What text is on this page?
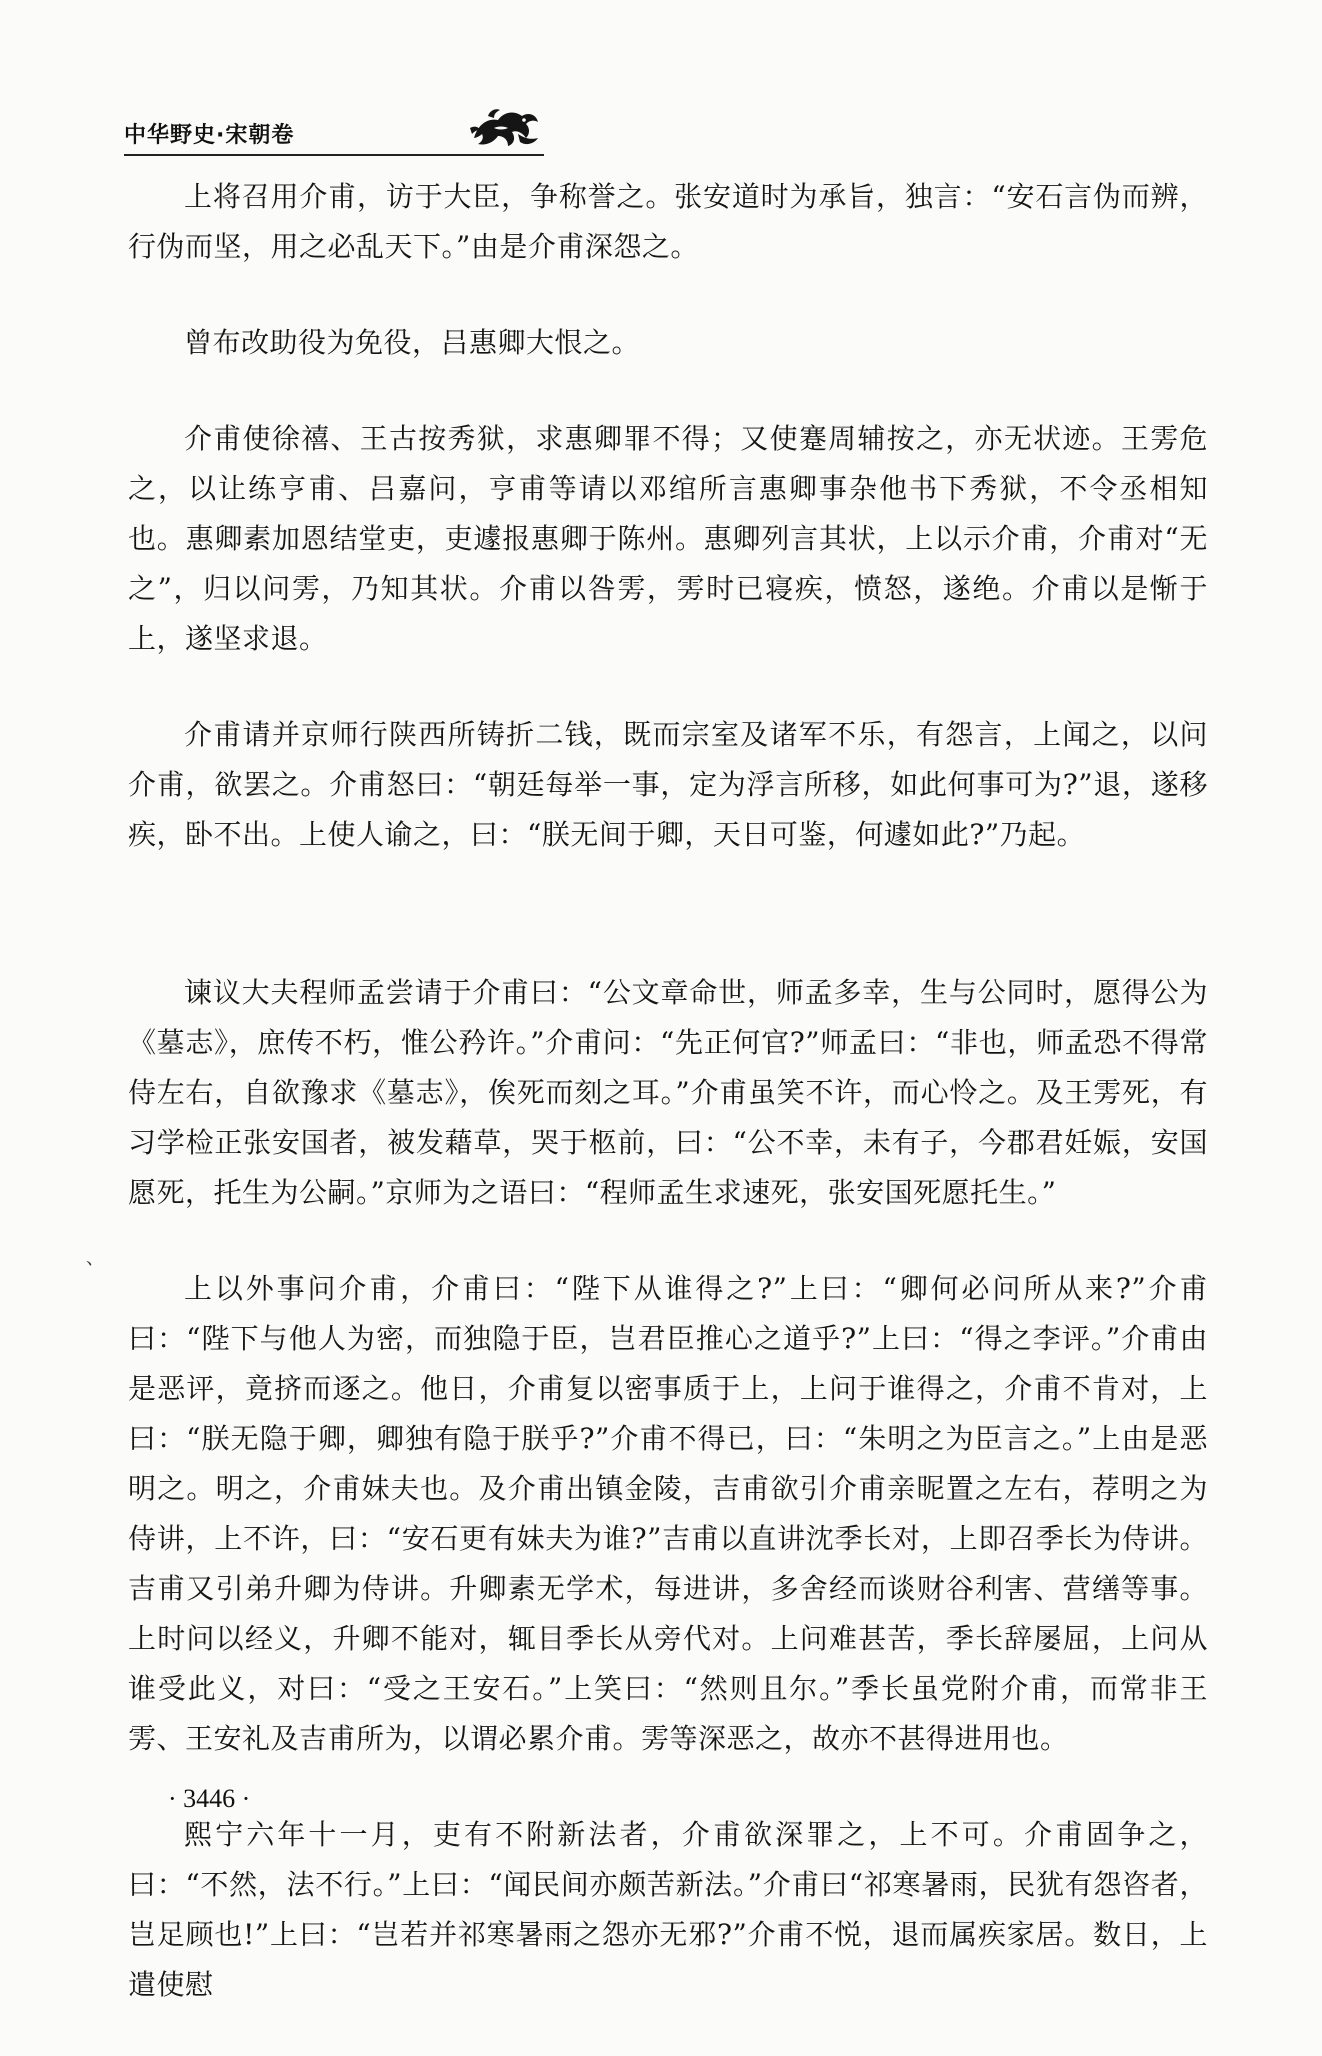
中华野史·宋朝卷

上将召用介甫，访于大臣，争称誉之。张安道时为承旨，独言：“安石言伪而辨，行伪而坚，用之必乱天下。”由是介甫深怨之。

曾布改助役为免役，吕惠卿大恨之。

介甫使徐禧、王古按秀狱，求惠卿罪不得；又使蹇周辅按之，亦无状迹。王雱危之，以让练亨甫、吕嘉问，亨甫等请以邓绾所言惠卿事杂他书下秀狱，不令丞相知也。惠卿素加恩结堂吏，吏遽报惠卿于陈州。惠卿列言其状，上以示介甫，介甫对“无之”，归以问雱，乃知其状。介甫以咎雱，雱时已寝疾，愤怒，遂绝。介甫以是惭于上，遂坚求退。

介甫请并京师行陕西所铸折二钱，既而宗室及诸军不乐，有怨言，上闻之，以问介甫，欲罢之。介甫怒曰：“朝廷每举一事，定为浮言所移，如此何事可为?”退，遂移疾，卧不出。上使人谕之，曰：“朕无间于卿，天日可鉴，何遽如此?”乃起。

谏议大夫程师孟尝请于介甫曰：“公文章命世，师孟多幸，生与公同时，愿得公为《墓志》，庶传不朽，惟公矜许。”介甫问：“先正何官?”师孟曰：“非也，师孟恐不得常侍左右，自欲豫求《墓志》，俟死而刻之耳。”介甫虽笑不许，而心怜之。及王雱死，有习学检正张安国者，被发藉草，哭于柩前，曰：“公不幸，未有子，今郡君妊娠，安国愿死，托生为公嗣。”京师为之语曰：“程师孟生求速死，张安国死愿托生。”

上以外事问介甫，介甫曰：“陛下从谁得之?”上曰：“卿何必问所从来?”介甫曰：“陛下与他人为密，而独隐于臣，岂君臣推心之道乎?”上曰：“得之李评。”介甫由是恶评，竟挤而逐之。他日，介甫复以密事质于上，上问于谁得之，介甫不肯对，上曰：“朕无隐于卿，卿独有隐于朕乎?”介甫不得已，曰：“朱明之为臣言之。”上由是恶明之。明之，介甫妹夫也。及介甫出镇金陵，吉甫欲引介甫亲昵置之左右，荐明之为侍讲，上不许，曰：“安石更有妹夫为谁?”吉甫以直讲沈季长对，上即召季长为侍讲。吉甫又引弟升卿为侍讲。升卿素无学术，每进讲，多舍经而谈财谷利害、营缮等事。上时问以经义，升卿不能对，辄目季长从旁代对。上问难甚苦，季长辞屡屈，上问从谁受此义，对曰：“受之王安石。”上笑曰：“然则且尔。”季长虽党附介甫，而常非王雱、王安礼及吉甫所为，以谓必累介甫。雱等深恶之，故亦不甚得进用也。

熙宁六年十一月，吏有不附新法者，介甫欲深罪之，上不可。介甫固争之，曰：“不然，法不行。”上曰：“闻民间亦颇苦新法。”介甫曰“祁寒暑雨，民犹有怨咨者，岂足顾也!”上曰：“岂若并祁寒暑雨之怨亦无邪?”介甫不悦，退而属疾家居。数日，上遣使慰

、
· 3446 ·
